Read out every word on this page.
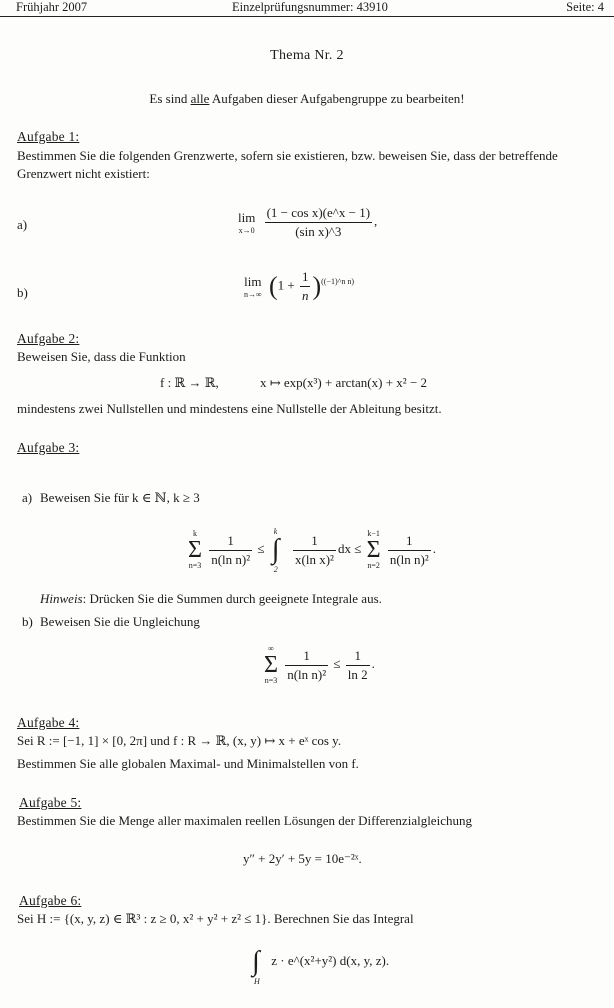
Frühjahr 2007	Einzelprüfungsnummer: 43910	Seite: 4
Thema Nr. 2
Es sind alle Aufgaben dieser Aufgabengruppe zu bearbeiten!
Aufgabe 1:
Bestimmen Sie die folgenden Grenzwerte, sofern sie existieren, bzw. beweisen Sie, dass der betreffende Grenzwert nicht existiert:
a)	lim
x→0
$\frac{\text{(1 − cos x)(e\textasciicircum{}x − 1)}}{\text{(sin x)\textasciicircum{}3}}$ ,
b)
lim
n→∞ $(1 + \frac{1}{n} )^{((-1)\^{}n n)}$
Aufgabe 2:
Beweisen Sie, dass die Funktion
f : ℝ → ℝ,	x ↦ exp(x³) + arctan(x) + x² − 2
mindestens zwei Nullstellen und mindestens eine Nullstelle der Ableitung besitzt.
Aufgabe 3:
a) Beweisen Sie für k ∈ ℕ, k ≥ 3
k
Σ
$n=3 \frac{1}{\text{n(ln n)²}}$ ≤ ∫
k
2

$\frac{1}{\text{x(ln x)²}}$ dx ≤ k−1
Σ
$n=2 \frac{1}{\text{n(ln n)²}}$ .
Hinweis: Drücken Sie die Summen durch geeignete Integrale aus.
b) Beweisen Sie die Ungleichung
∞
Σ
$n=3 \frac{1}{\text{n(ln n)²}} \le \frac{1}{\ln 2}$ .
Aufgabe 4:
Sei R := [−1, 1] × [0, 2π] und f : R → ℝ, (x, y) ↦ x + eˣ cos y.
Bestimmen Sie alle globalen Maximal- und Minimalstellen von f.
Aufgabe 5:
Bestimmen Sie die Menge aller maximalen reellen Lösungen der Differenzialgleichung
y″ + 2y′ + 5y = 10e⁻²ˣ.
Aufgabe 6:
Sei H := {(x, y, z) ∈ ℝ³ : z ≥ 0, x² + y² + z² ≤ 1}. Berechnen Sie das Integral
∫
H
z · e^(x²+y²) d(x, y, z).
